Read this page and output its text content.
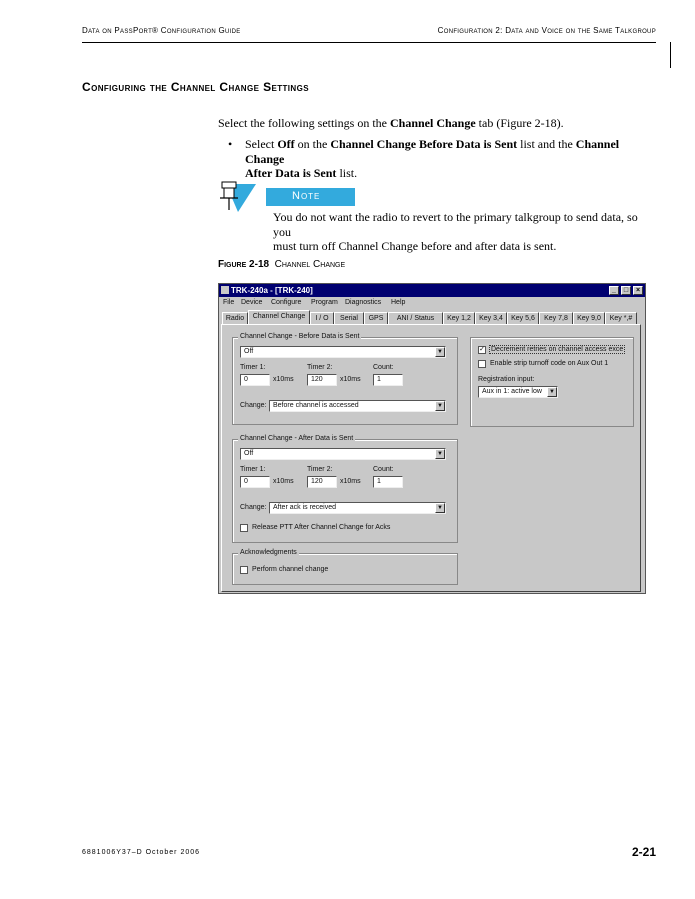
Data on PassPort® Configuration Guide	Configuration 2: Data and Voice on the Same Talkgroup
Configuring the Channel Change Settings
Select the following settings on the Channel Change tab (Figure 2-18).
• Select Off on the Channel Change Before Data is Sent list and the Channel Change
After Data is Sent list.
Note
You do not want the radio to revert to the primary talkgroup to send data, so you
must turn off Channel Change before and after data is sent.
Figure 2-18 Channel Change
TRK-240a - [TRK-240]	_	□	×
File Device Configure Program Diagnostics Help
Radio	Channel Change	I / O	Serial	GPS	ANI / Status	Key 1,2	Key 3,4	Key 5,6	Key 7,8	Key 9,0	Key *,#
Channel Change - Before Data is Sent
Off	▼
Timer 1:	Timer 2:	Count:
0	x10ms	120	x10ms	1
Change: Before channel is accessed	▼
Channel Change - After Data is Sent
Off	▼
Timer 1:	Timer 2:	Count:
0	x10ms	120	x10ms	1
Change: After ack is received	▼
Release PTT After Channel Change for Acks
Acknowledgments
Perform channel change
✓ Decrement retries on channel access exce
Enable strip turnoff code on Aux Out 1
Registration input:
Aux in 1: active low	▼
6881006Y37–D October 2006	2-21
